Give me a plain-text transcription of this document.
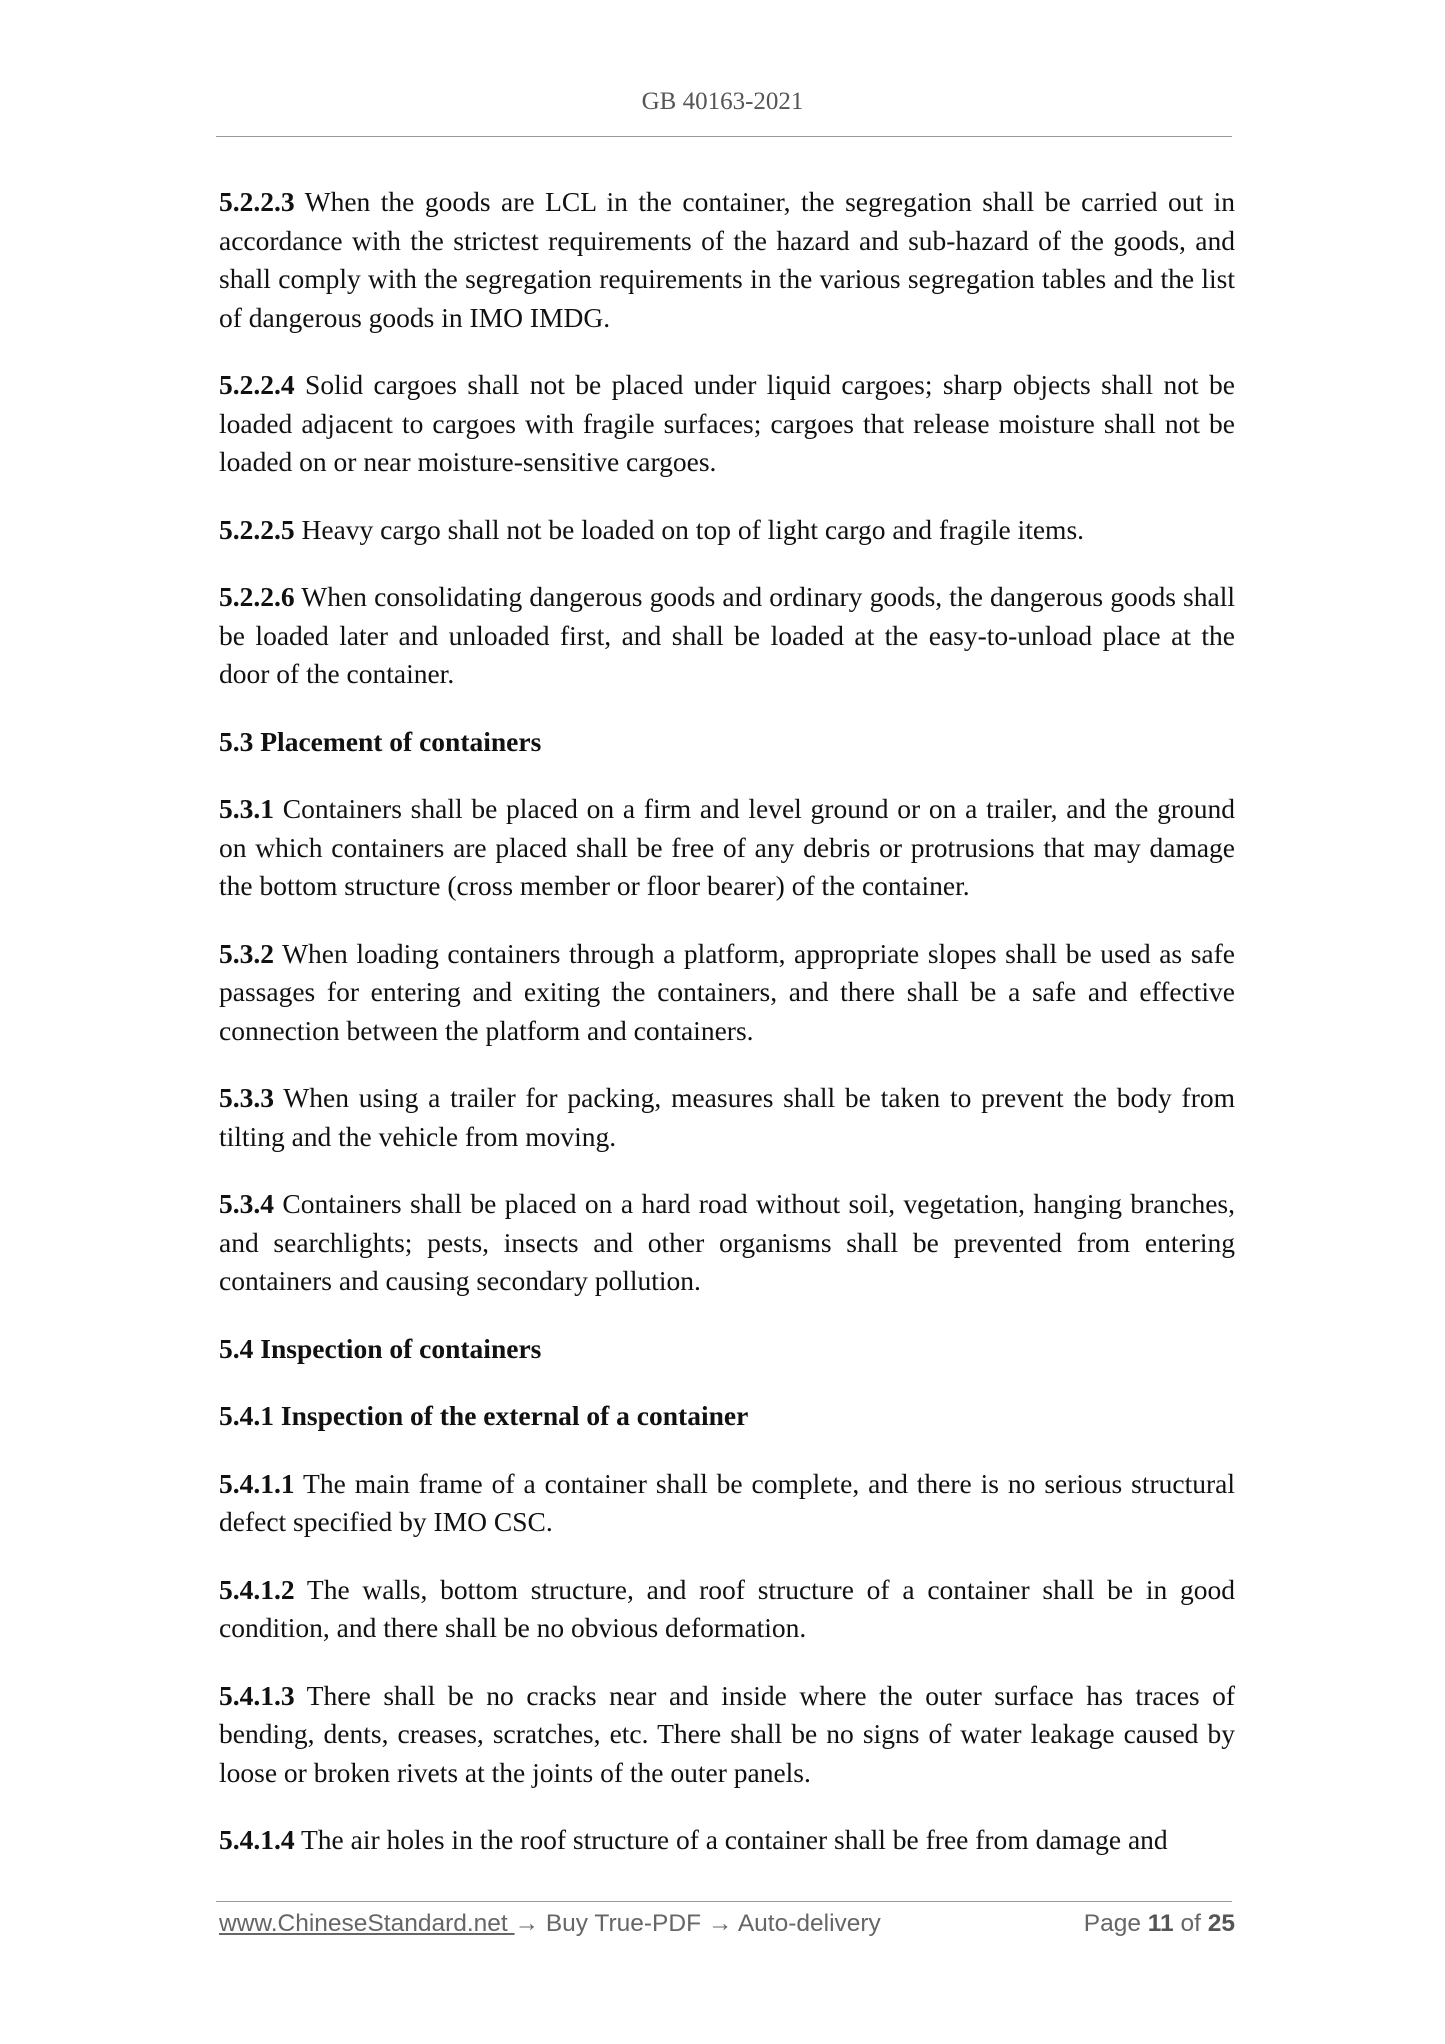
GB 40163-2021

5.2.2.3 When the goods are LCL in the container, the segregation shall be carried out in accordance with the strictest requirements of the hazard and sub-hazard of the goods, and shall comply with the segregation requirements in the various segregation tables and the list of dangerous goods in IMO IMDG.

5.2.2.4 Solid cargoes shall not be placed under liquid cargoes; sharp objects shall not be loaded adjacent to cargoes with fragile surfaces; cargoes that release moisture shall not be loaded on or near moisture-sensitive cargoes.

5.2.2.5 Heavy cargo shall not be loaded on top of light cargo and fragile items.

5.2.2.6 When consolidating dangerous goods and ordinary goods, the dangerous goods shall be loaded later and unloaded first, and shall be loaded at the easy-to-unload place at the door of the container.

5.3 Placement of containers

5.3.1 Containers shall be placed on a firm and level ground or on a trailer, and the ground on which containers are placed shall be free of any debris or protrusions that may damage the bottom structure (cross member or floor bearer) of the container.

5.3.2 When loading containers through a platform, appropriate slopes shall be used as safe passages for entering and exiting the containers, and there shall be a safe and effective connection between the platform and containers.

5.3.3 When using a trailer for packing, measures shall be taken to prevent the body from tilting and the vehicle from moving.

5.3.4 Containers shall be placed on a hard road without soil, vegetation, hanging branches, and searchlights; pests, insects and other organisms shall be prevented from entering containers and causing secondary pollution.

5.4 Inspection of containers

5.4.1 Inspection of the external of a container

5.4.1.1 The main frame of a container shall be complete, and there is no serious structural defect specified by IMO CSC.

5.4.1.2 The walls, bottom structure, and roof structure of a container shall be in good condition, and there shall be no obvious deformation.

5.4.1.3 There shall be no cracks near and inside where the outer surface has traces of bending, dents, creases, scratches, etc. There shall be no signs of water leakage caused by loose or broken rivets at the joints of the outer panels.

5.4.1.4 The air holes in the roof structure of a container shall be free from damage and

www.ChineseStandard.net → Buy True-PDF → Auto-delivery	Page 11 of 25
